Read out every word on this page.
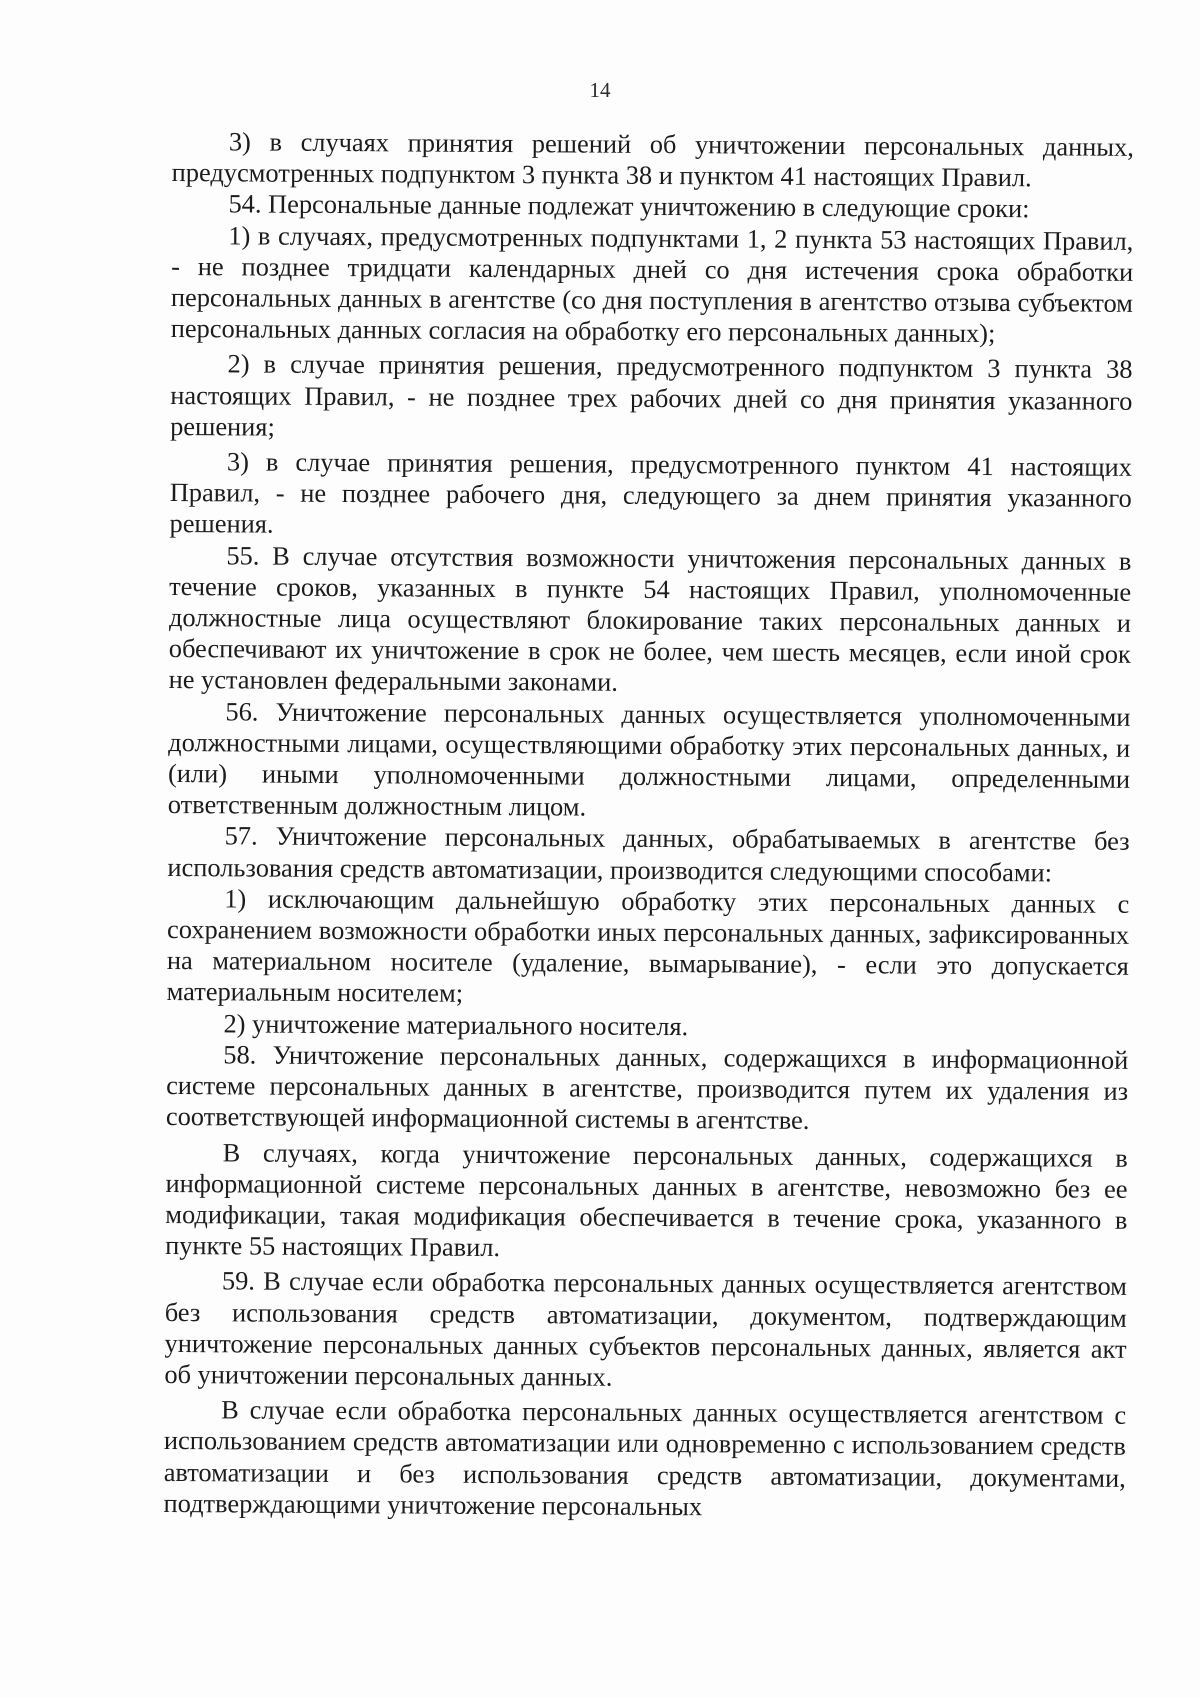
14

3) в случаях принятия решений об уничтожении персональных данных, предусмотренных подпунктом 3 пункта 38 и пунктом 41 настоящих Правил.

54. Персональные данные подлежат уничтожению в следующие сроки:

1) в случаях, предусмотренных подпунктами 1, 2 пункта 53 настоящих Правил, - не позднее тридцати календарных дней со дня истечения срока обработки персональных данных в агентстве (со дня поступления в агентство отзыва субъектом персональных данных согласия на обработку его персональных данных);

2) в случае принятия решения, предусмотренного подпунктом 3 пункта 38 настоящих Правил, - не позднее трех рабочих дней со дня принятия указанного решения;

3) в случае принятия решения, предусмотренного пунктом 41 настоящих Правил, - не позднее рабочего дня, следующего за днем принятия указанного решения.

55. В случае отсутствия возможности уничтожения персональных данных в течение сроков, указанных в пункте 54 настоящих Правил, уполномоченные должностные лица осуществляют блокирование таких персональных данных и обеспечивают их уничтожение в срок не более, чем шесть месяцев, если иной срок не установлен федеральными законами.

56. Уничтожение персональных данных осуществляется уполномоченными должностными лицами, осуществляющими обработку этих персональных данных, и (или) иными уполномоченными должностными лицами, определенными ответственным должностным лицом.

57. Уничтожение персональных данных, обрабатываемых в агентстве без использования средств автоматизации, производится следующими способами:

1) исключающим дальнейшую обработку этих персональных данных с сохранением возможности обработки иных персональных данных, зафиксированных на материальном носителе (удаление, вымарывание), - если это допускается материальным носителем;

2) уничтожение материального носителя.

58. Уничтожение персональных данных, содержащихся в информационной системе персональных данных в агентстве, производится путем их удаления из соответствующей информационной системы в агентстве.

В случаях, когда уничтожение персональных данных, содержащихся в информационной системе персональных данных в агентстве, невозможно без ее модификации, такая модификация обеспечивается в течение срока, указанного в пункте 55 настоящих Правил.

59. В случае если обработка персональных данных осуществляется агентством без использования средств автоматизации, документом, подтверждающим уничтожение персональных данных субъектов персональных данных, является акт об уничтожении персональных данных.

В случае если обработка персональных данных осуществляется агентством с использованием средств автоматизации или одновременно с использованием средств автоматизации и без использования средств автоматизации, документами, подтверждающими уничтожение персональных
